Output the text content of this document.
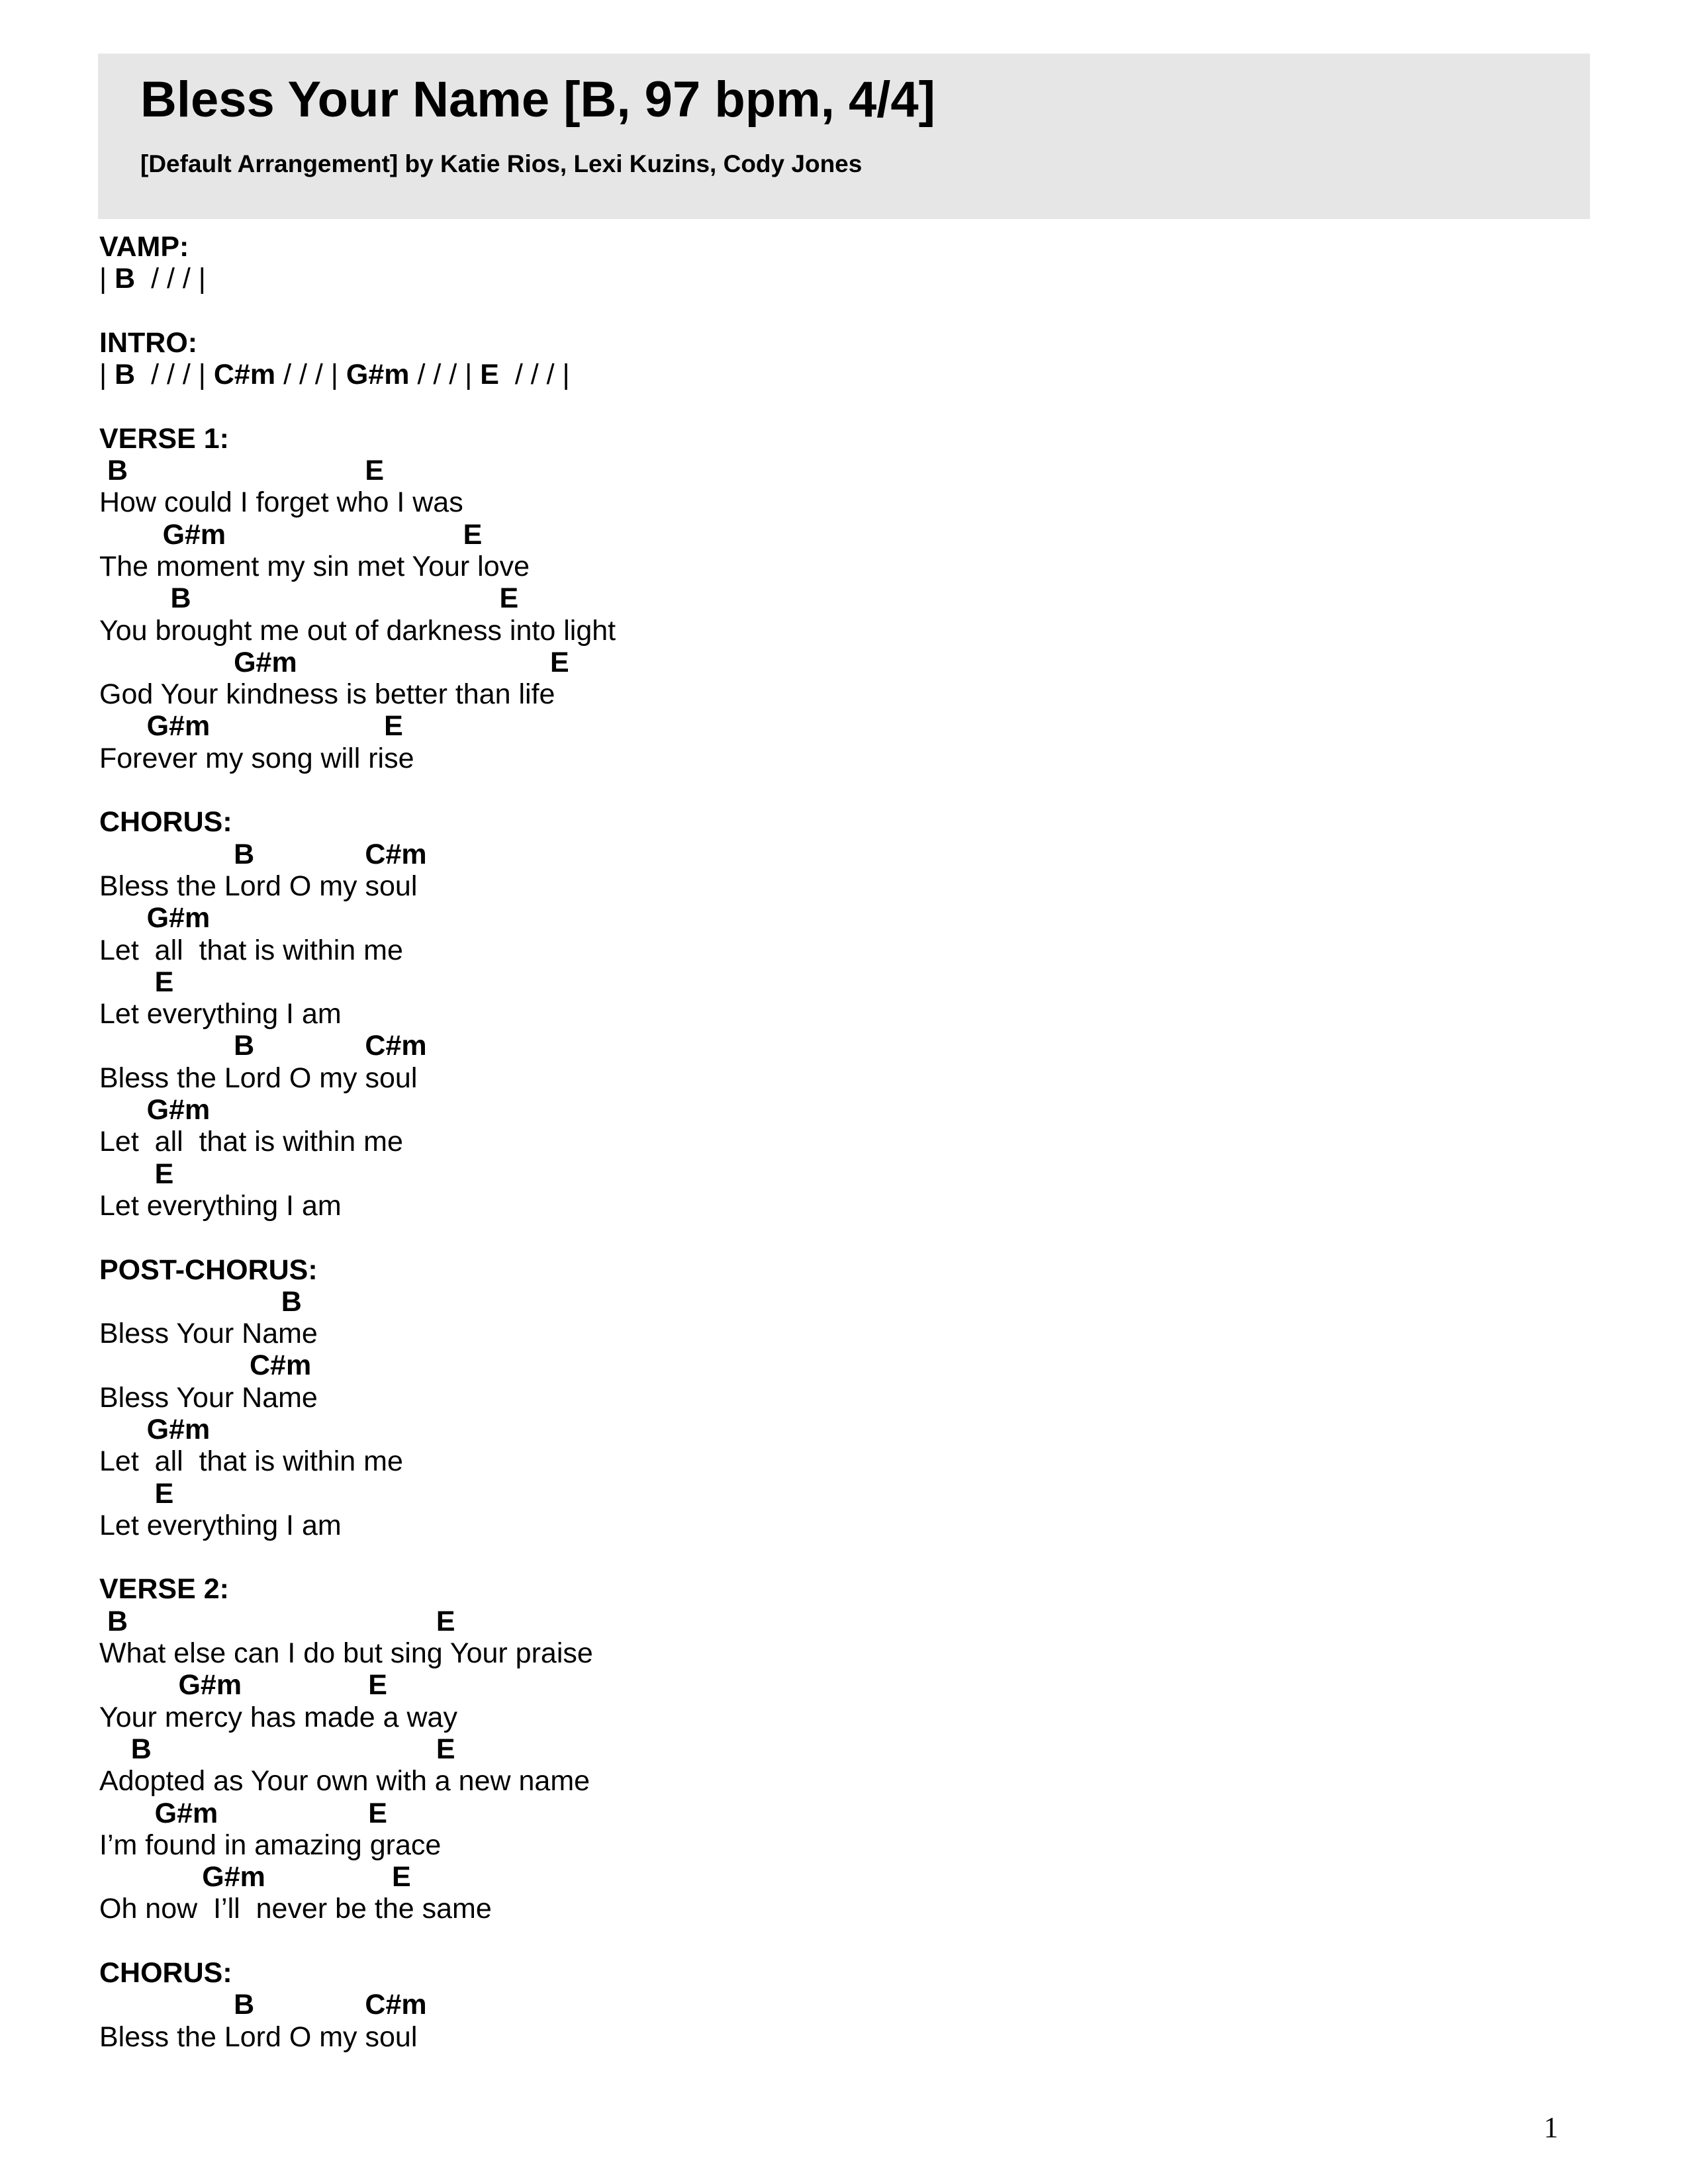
Bless Your Name [B, 97 bpm, 4/4]
[Default Arrangement] by Katie Rios, Lexi Kuzins, Cody Jones
VAMP:
| B / / / |
INTRO:
| B / / / | C#m / / / | G#m / / / | E / / / |
VERSE 1:
B                              E
How could I forget who I was
G#m                              E
The moment my sin met Your love
B                                       E
You brought me out of darkness into light
G#m                                E
God Your kindness is better than life
G#m                      E
Forever my song will rise
CHORUS:
B              C#m
Bless the Lord O my soul
G#m
Let  all  that is within me
E
Let everything I am
B              C#m
Bless the Lord O my soul
G#m
Let  all  that is within me
E
Let everything I am
POST-CHORUS:
B
Bless Your Name
C#m
Bless Your Name
G#m
Let  all  that is within me
E
Let everything I am
VERSE 2:
B                                       E
What else can I do but sing Your praise
G#m                E
Your mercy has made a way
B                                    E
Adopted as Your own with a new name
G#m                   E
I’m found in amazing grace
G#m                E
Oh now  I’ll  never be the same
CHORUS:
B              C#m
Bless the Lord O my soul
1
